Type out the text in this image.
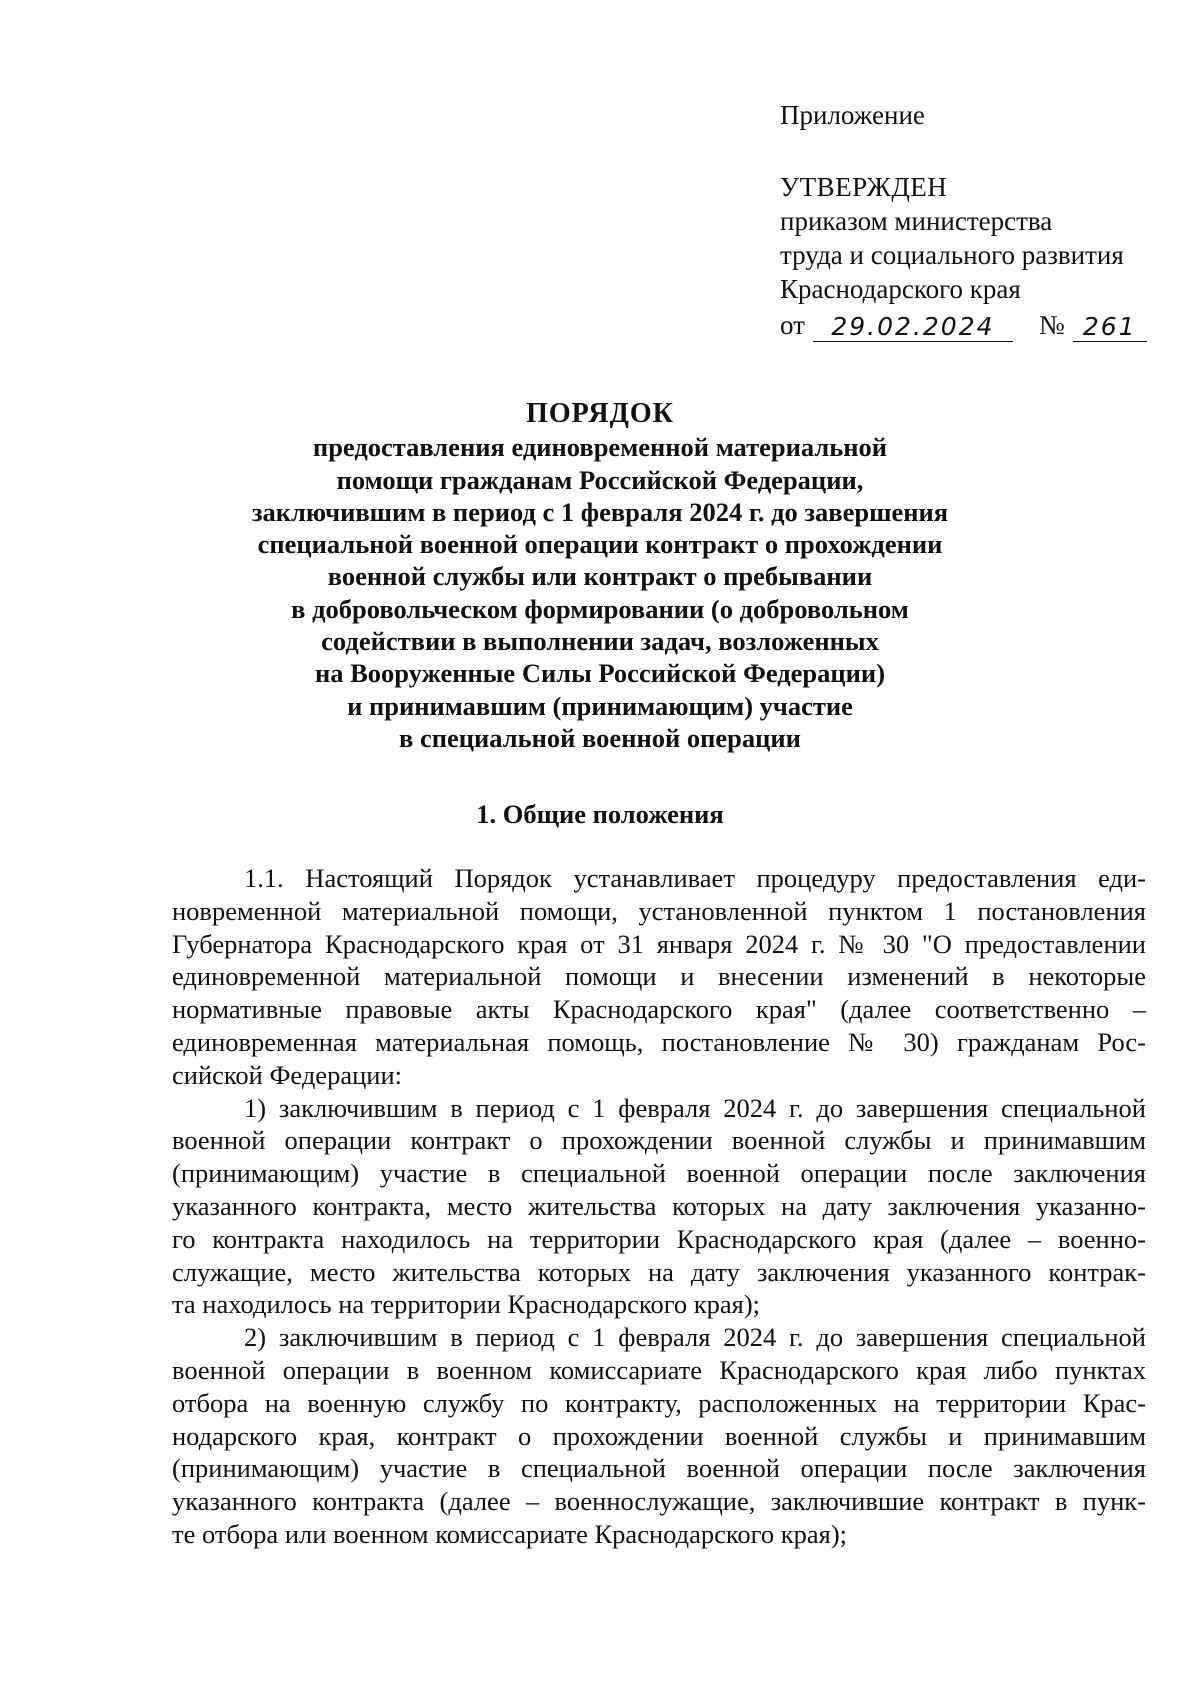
Приложение
УТВЕРЖДЕН
приказом министерства
труда и социального развития
Краснодарского края
от	29.02.2024	№ 261
ПОРЯДОК
предоставления единовременной материальной
помощи гражданам Российской Федерации,
заключившим в период с 1 февраля 2024 г. до завершения
специальной военной операции контракт о прохождении
военной службы или контракт о пребывании
в добровольческом формировании (о добровольном
содействии в выполнении задач, возложенных
на Вооруженные Силы Российской Федерации)
и принимавшим (принимающим) участие
в специальной военной операции
1. Общие положения
1.1. Настоящий Порядок устанавливает процедуру предоставления еди-
новременной материальной помощи, установленной пунктом 1 постановления
Губернатора Краснодарского края от 31 января 2024 г. № 30 "О предоставлении
единовременной материальной помощи и внесении изменений в некоторые
нормативные правовые акты Краснодарского края" (далее соответственно –
единовременная материальная помощь, постановление № 30) гражданам Рос-
сийской Федерации:
1) заключившим в период с 1 февраля 2024 г. до завершения специальной
военной операции контракт о прохождении военной службы и принимавшим
(принимающим) участие в специальной военной операции после заключения
указанного контракта, место жительства которых на дату заключения указанно-
го контракта находилось на территории Краснодарского края (далее – военно-
служащие, место жительства которых на дату заключения указанного контрак-
та находилось на территории Краснодарского края);
2) заключившим в период с 1 февраля 2024 г. до завершения специальной
военной операции в военном комиссариате Краснодарского края либо пунктах
отбора на военную службу по контракту, расположенных на территории Крас-
нодарского края, контракт о прохождении военной службы и принимавшим
(принимающим) участие в специальной военной операции после заключения
указанного контракта (далее – военнослужащие, заключившие контракт в пунк-
те отбора или военном комиссариате Краснодарского края);
